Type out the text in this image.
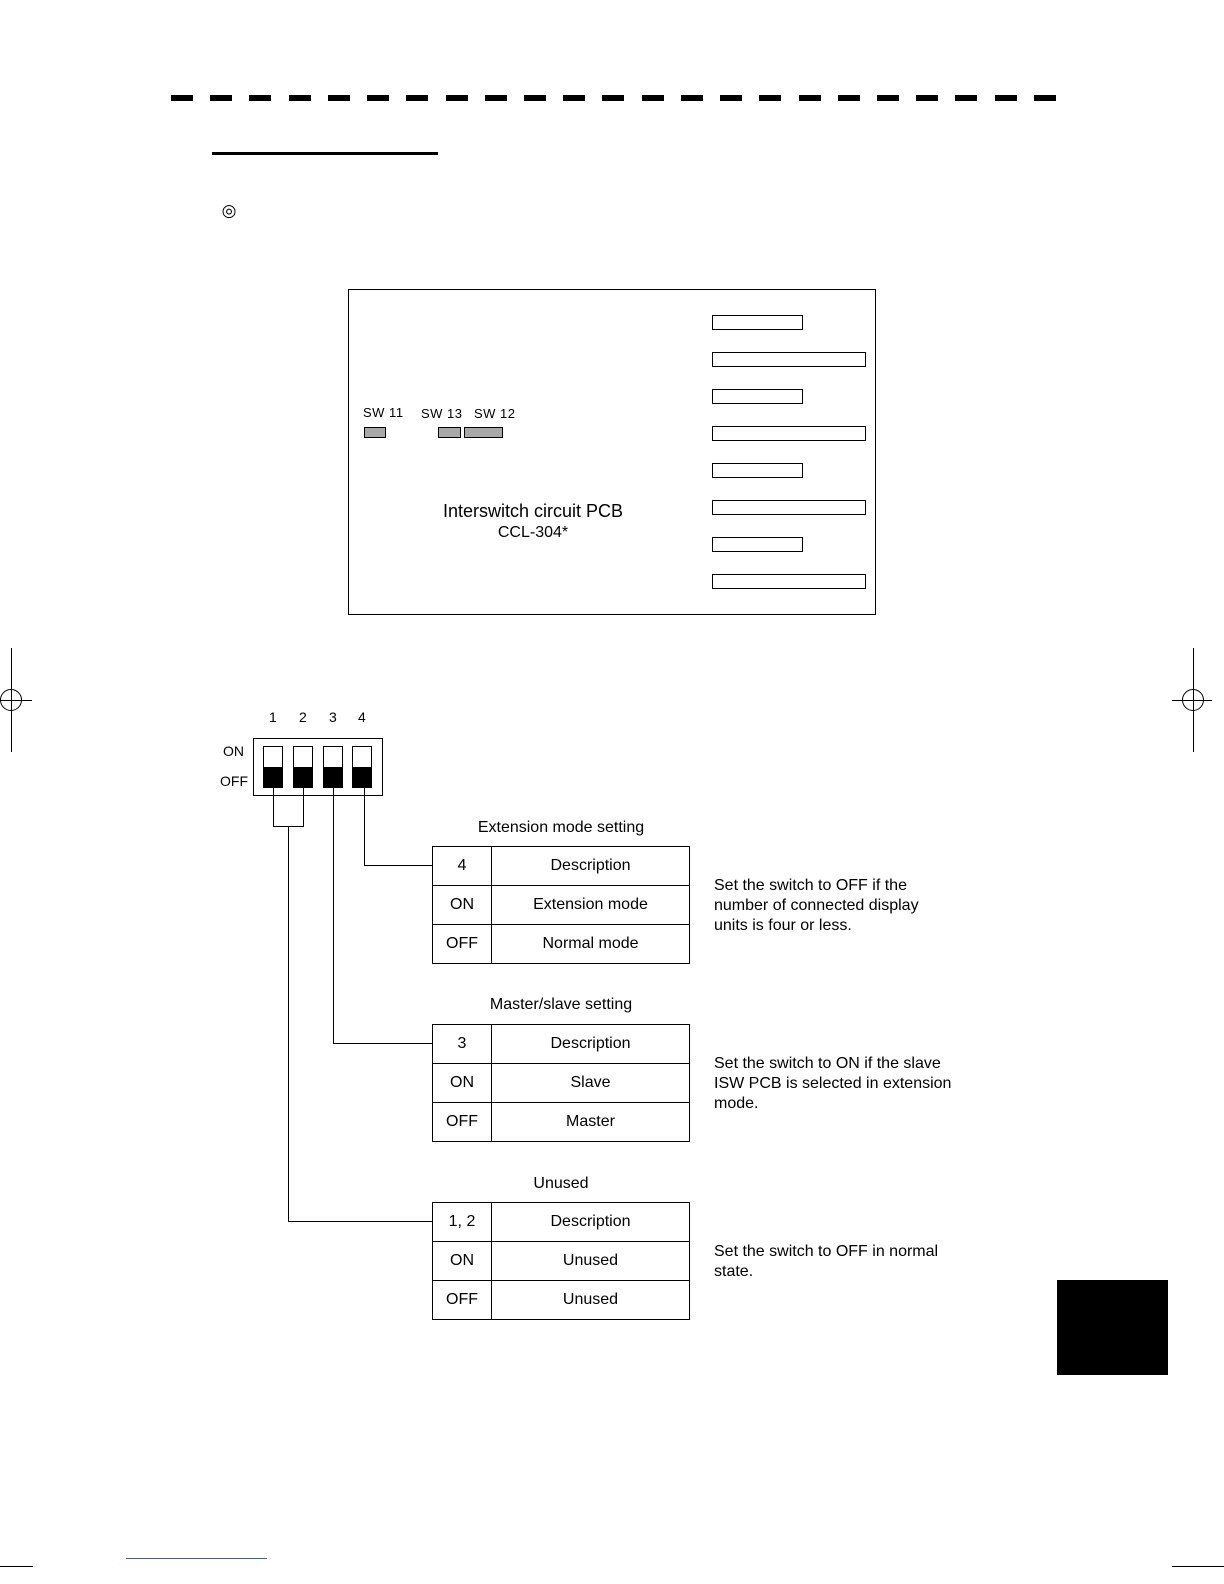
◎
SW 11 SW 13 SW 12
Interswitch circuit PCB
CCL-304*
1 2 3 4
ON
OFF
Extension mode setting
4	Description
ON	Extension mode
OFF	Normal mode
Set the switch to OFF if the number of connected display units is four or less.
Master/slave setting
3	Description
ON	Slave
OFF	Master
Set the switch to ON if the slave ISW PCB is selected in extension mode.
Unused
1, 2	Description
ON	Unused
OFF	Unused
Set the switch to OFF in normal state.
